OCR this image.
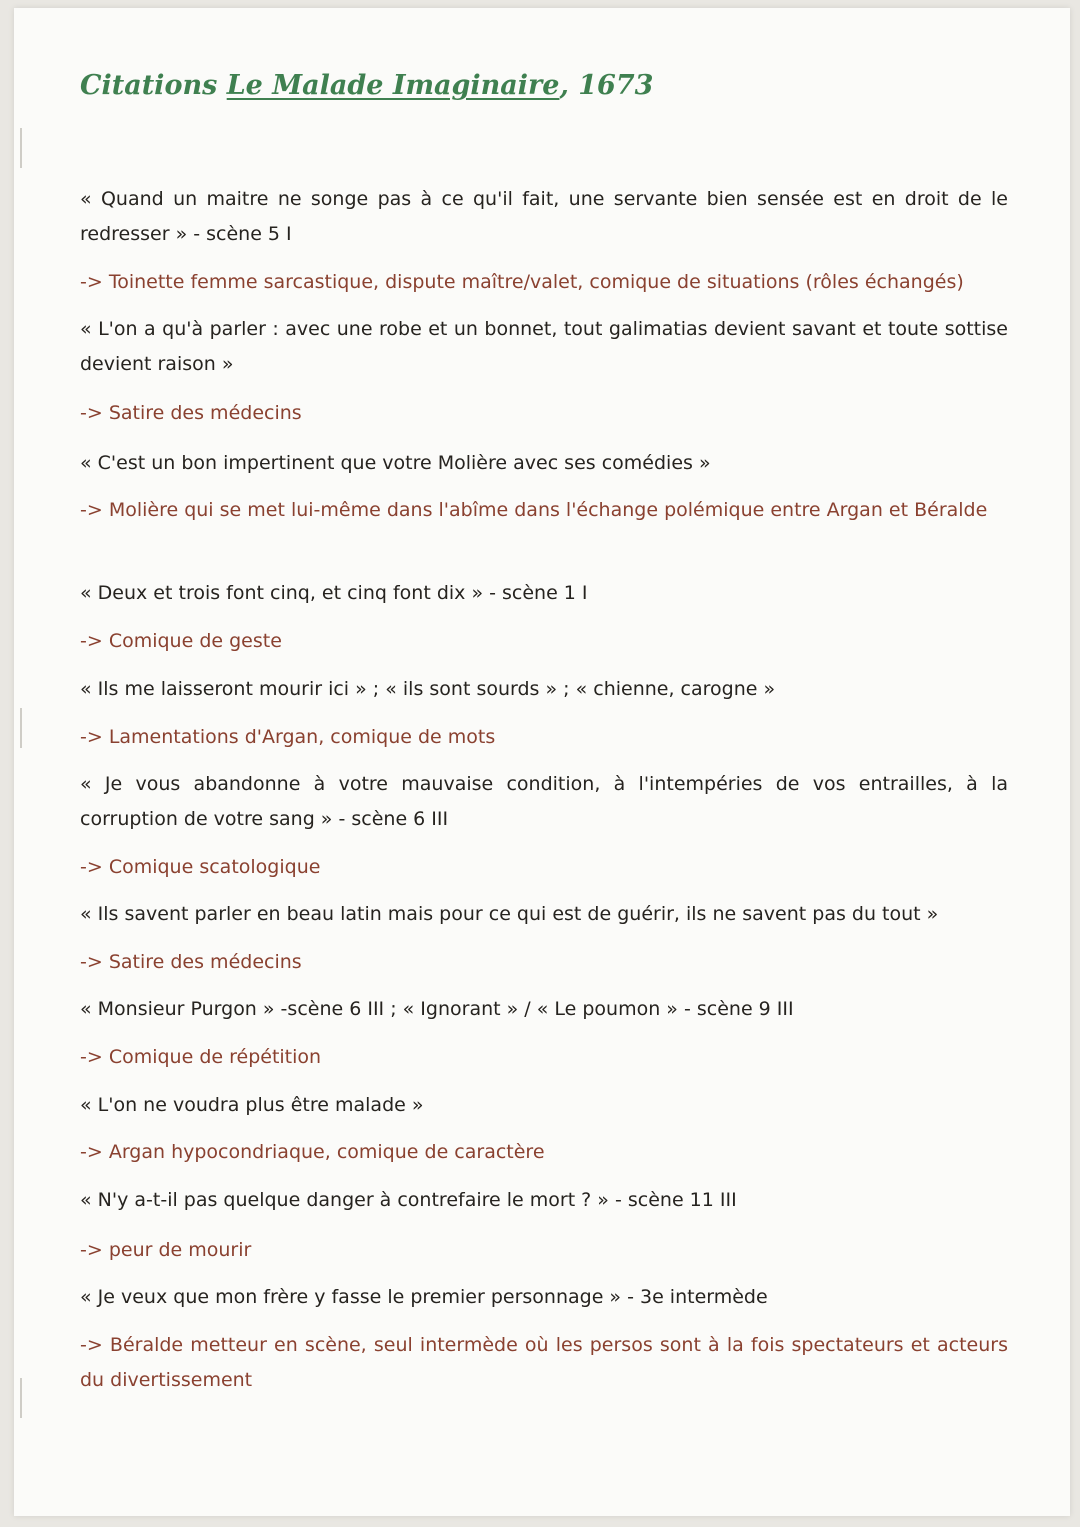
Citations Le Malade Imaginaire, 1673

« Quand un maitre ne songe pas à ce qu'il fait, une servante bien sensée est en droit de le redresser » - scène 5 I

-> Toinette femme sarcastique, dispute maître/valet, comique de situations (rôles échangés)

« L'on a qu'à parler : avec une robe et un bonnet, tout galimatias devient savant et toute sottise devient raison »

-> Satire des médecins

« C'est un bon impertinent que votre Molière avec ses comédies »

-> Molière qui se met lui-même dans l'abîme dans l'échange polémique entre Argan et Béralde

« Deux et trois font cinq, et cinq font dix » - scène 1 I

-> Comique de geste

« Ils me laisseront mourir ici » ; « ils sont sourds » ; « chienne, carogne »

-> Lamentations d'Argan, comique de mots

« Je vous abandonne à votre mauvaise condition, à l'intempéries de vos entrailles, à la corruption de votre sang » - scène 6 III

-> Comique scatologique

« Ils savent parler en beau latin mais pour ce qui est de guérir, ils ne savent pas du tout »

-> Satire des médecins

« Monsieur Purgon » -scène 6 III ; « Ignorant » / « Le poumon » - scène 9 III

-> Comique de répétition

« L'on ne voudra plus être malade »

-> Argan hypocondriaque, comique de caractère

« N'y a-t-il pas quelque danger à contrefaire le mort ? » - scène 11 III

-> peur de mourir

« Je veux que mon frère y fasse le premier personnage » - 3e intermède

-> Béralde metteur en scène, seul intermède où les persos sont à la fois spectateurs et acteurs du divertissement
